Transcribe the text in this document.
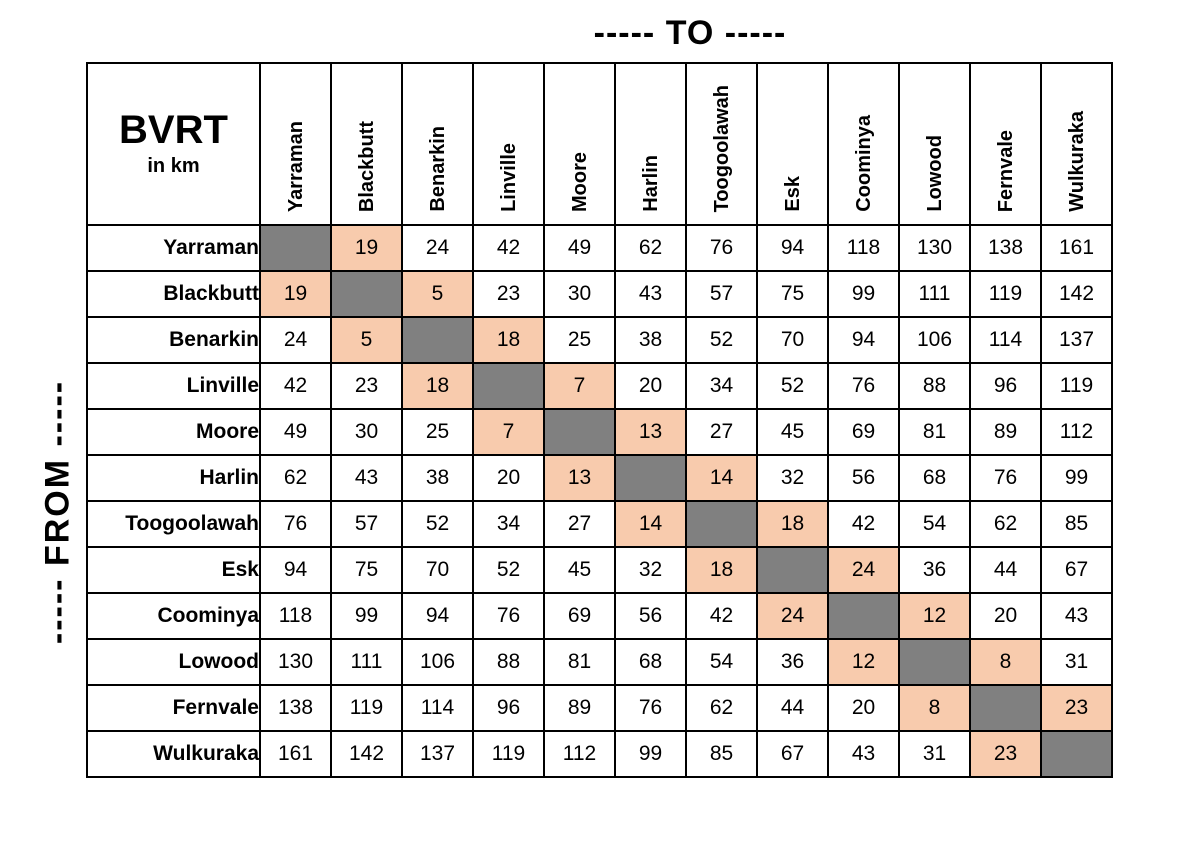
----- TO -----
----- FROM -----
BVRT
in km	Yarraman	Blackbutt	Benarkin	Linville	Moore	Harlin	Toogoolawah	Esk	Coominya	Lowood	Fernvale	Wulkuraka
Yarraman		19	24	42	49	62	76	94	118	130	138	161
Blackbutt	19		5	23	30	43	57	75	99	111	119	142
Benarkin	24	5		18	25	38	52	70	94	106	114	137
Linville	42	23	18		7	20	34	52	76	88	96	119
Moore	49	30	25	7		13	27	45	69	81	89	112
Harlin	62	43	38	20	13		14	32	56	68	76	99
Toogoolawah	76	57	52	34	27	14		18	42	54	62	85
Esk	94	75	70	52	45	32	18		24	36	44	67
Coominya	118	99	94	76	69	56	42	24		12	20	43
Lowood	130	111	106	88	81	68	54	36	12		8	31
Fernvale	138	119	114	96	89	76	62	44	20	8		23
Wulkuraka	161	142	137	119	112	99	85	67	43	31	23	
